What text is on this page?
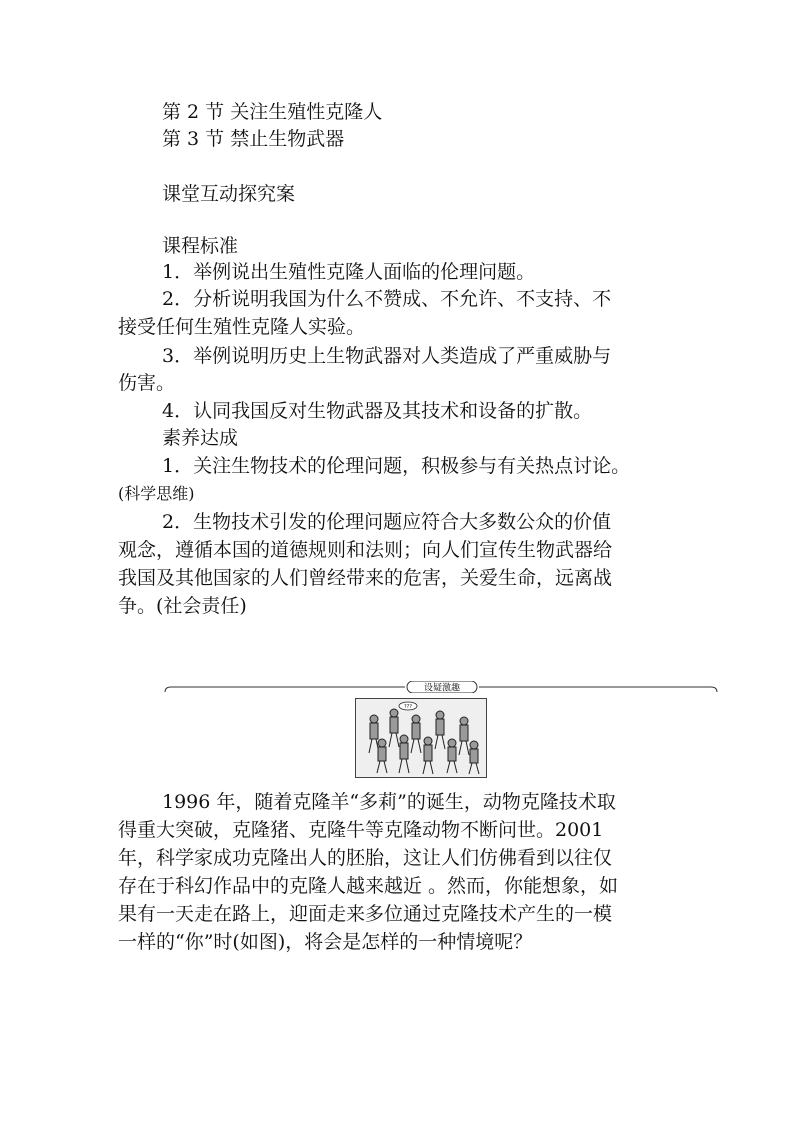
第 2 节 关注生殖性克隆人
第 3 节 禁止生物武器
课堂互动探究案
课程标准
1．举例说出生殖性克隆人面临的伦理问题。
2．分析说明我国为什么不赞成、不允许、不支持、不
接受任何生殖性克隆人实验。
3．举例说明历史上生物武器对人类造成了严重威胁与
伤害。
4．认同我国反对生物武器及其技术和设备的扩散。
素养达成
1．关注生物技术的伦理问题，积极参与有关热点讨论。
(科学思维)
2．生物技术引发的伦理问题应符合大多数公众的价值
观念，遵循本国的道德规则和法则；向人们宣传生物武器给
我国及其他国家的人们曾经带来的危害，关爱生命，远离战
争。(社会责任)
设疑激趣
???
1996 年，随着克隆羊“多莉”的诞生，动物克隆技术取
得重大突破，克隆猪、克隆牛等克隆动物不断问世。2001
年，科学家成功克隆出人的胚胎，这让人们仿佛看到以往仅
存在于科幻作品中的克隆人越来越近 。然而，你能想象，如
果有一天走在路上，迎面走来多位通过克隆技术产生的一模
一样的“你”时(如图)，将会是怎样的一种情境呢？
